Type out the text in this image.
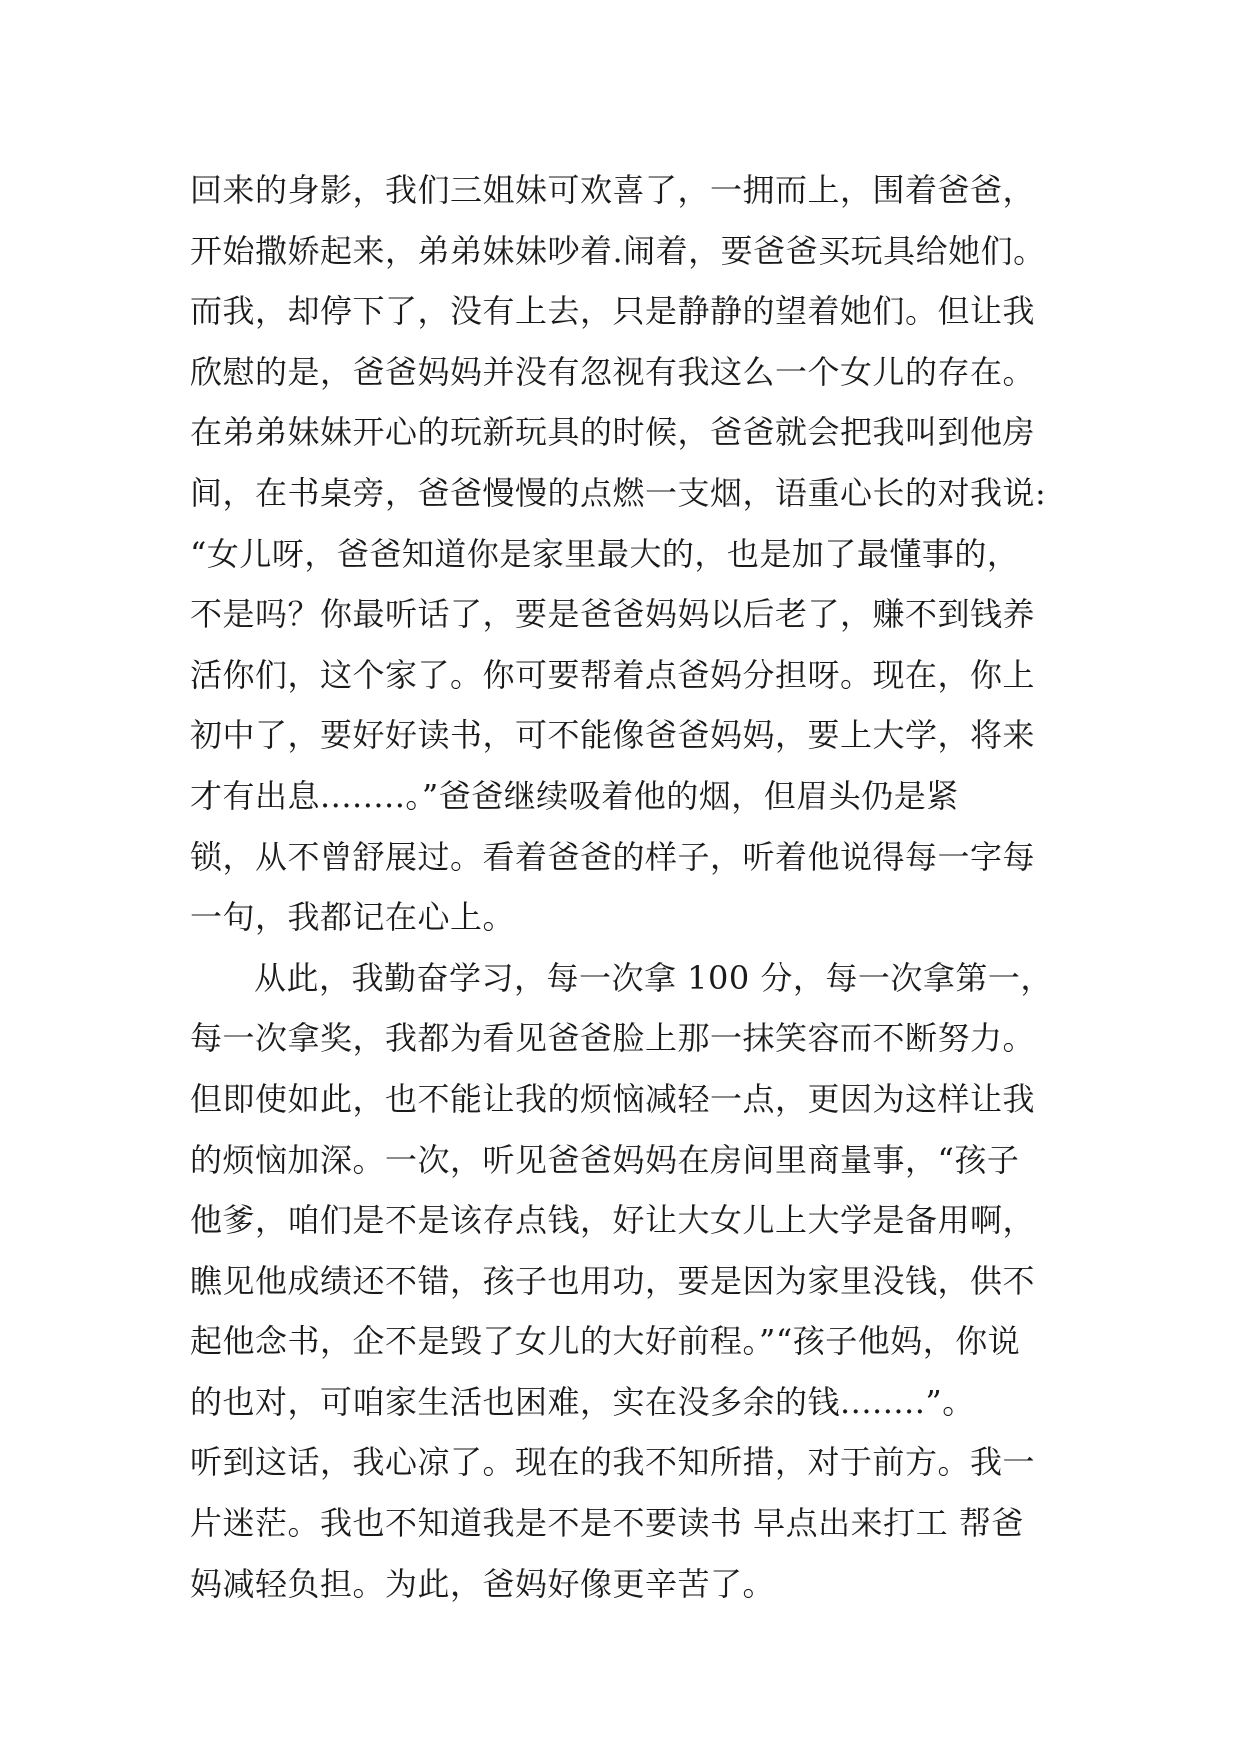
回来的身影，我们三姐妹可欢喜了，一拥而上，围着爸爸，
开始撒娇起来，弟弟妹妹吵着.闹着，要爸爸买玩具给她们。
而我，却停下了，没有上去，只是静静的望着她们。但让我
欣慰的是，爸爸妈妈并没有忽视有我这么一个女儿的存在。
在弟弟妹妹开心的玩新玩具的时候，爸爸就会把我叫到他房
间，在书桌旁，爸爸慢慢的点燃一支烟，语重心长的对我说:
“女儿呀，爸爸知道你是家里最大的，也是加了最懂事的，
不是吗？你最听话了，要是爸爸妈妈以后老了，赚不到钱养
活你们，这个家了。你可要帮着点爸妈分担呀。现在，你上
初中了，要好好读书，可不能像爸爸妈妈，要上大学，将来
才有出息........。”爸爸继续吸着他的烟，但眉头仍是紧
锁，从不曾舒展过。看着爸爸的样子，听着他说得每一字每
一句，我都记在心上。
从此，我勤奋学习，每一次拿 100 分，每一次拿第一，
每一次拿奖，我都为看见爸爸脸上那一抹笑容而不断努力。
但即使如此，也不能让我的烦恼减轻一点，更因为这样让我
的烦恼加深。一次，听见爸爸妈妈在房间里商量事，“孩子
他爹，咱们是不是该存点钱，好让大女儿上大学是备用啊，
瞧见他成绩还不错，孩子也用功，要是因为家里没钱，供不
起他念书，企不是毁了女儿的大好前程。”“孩子他妈，你说
的也对，可咱家生活也困难，实在没多余的钱........”。
听到这话，我心凉了。现在的我不知所措，对于前方。我一
片迷茫。我也不知道我是不是不要读书 早点出来打工 帮爸
妈减轻负担。为此，爸妈好像更辛苦了。
